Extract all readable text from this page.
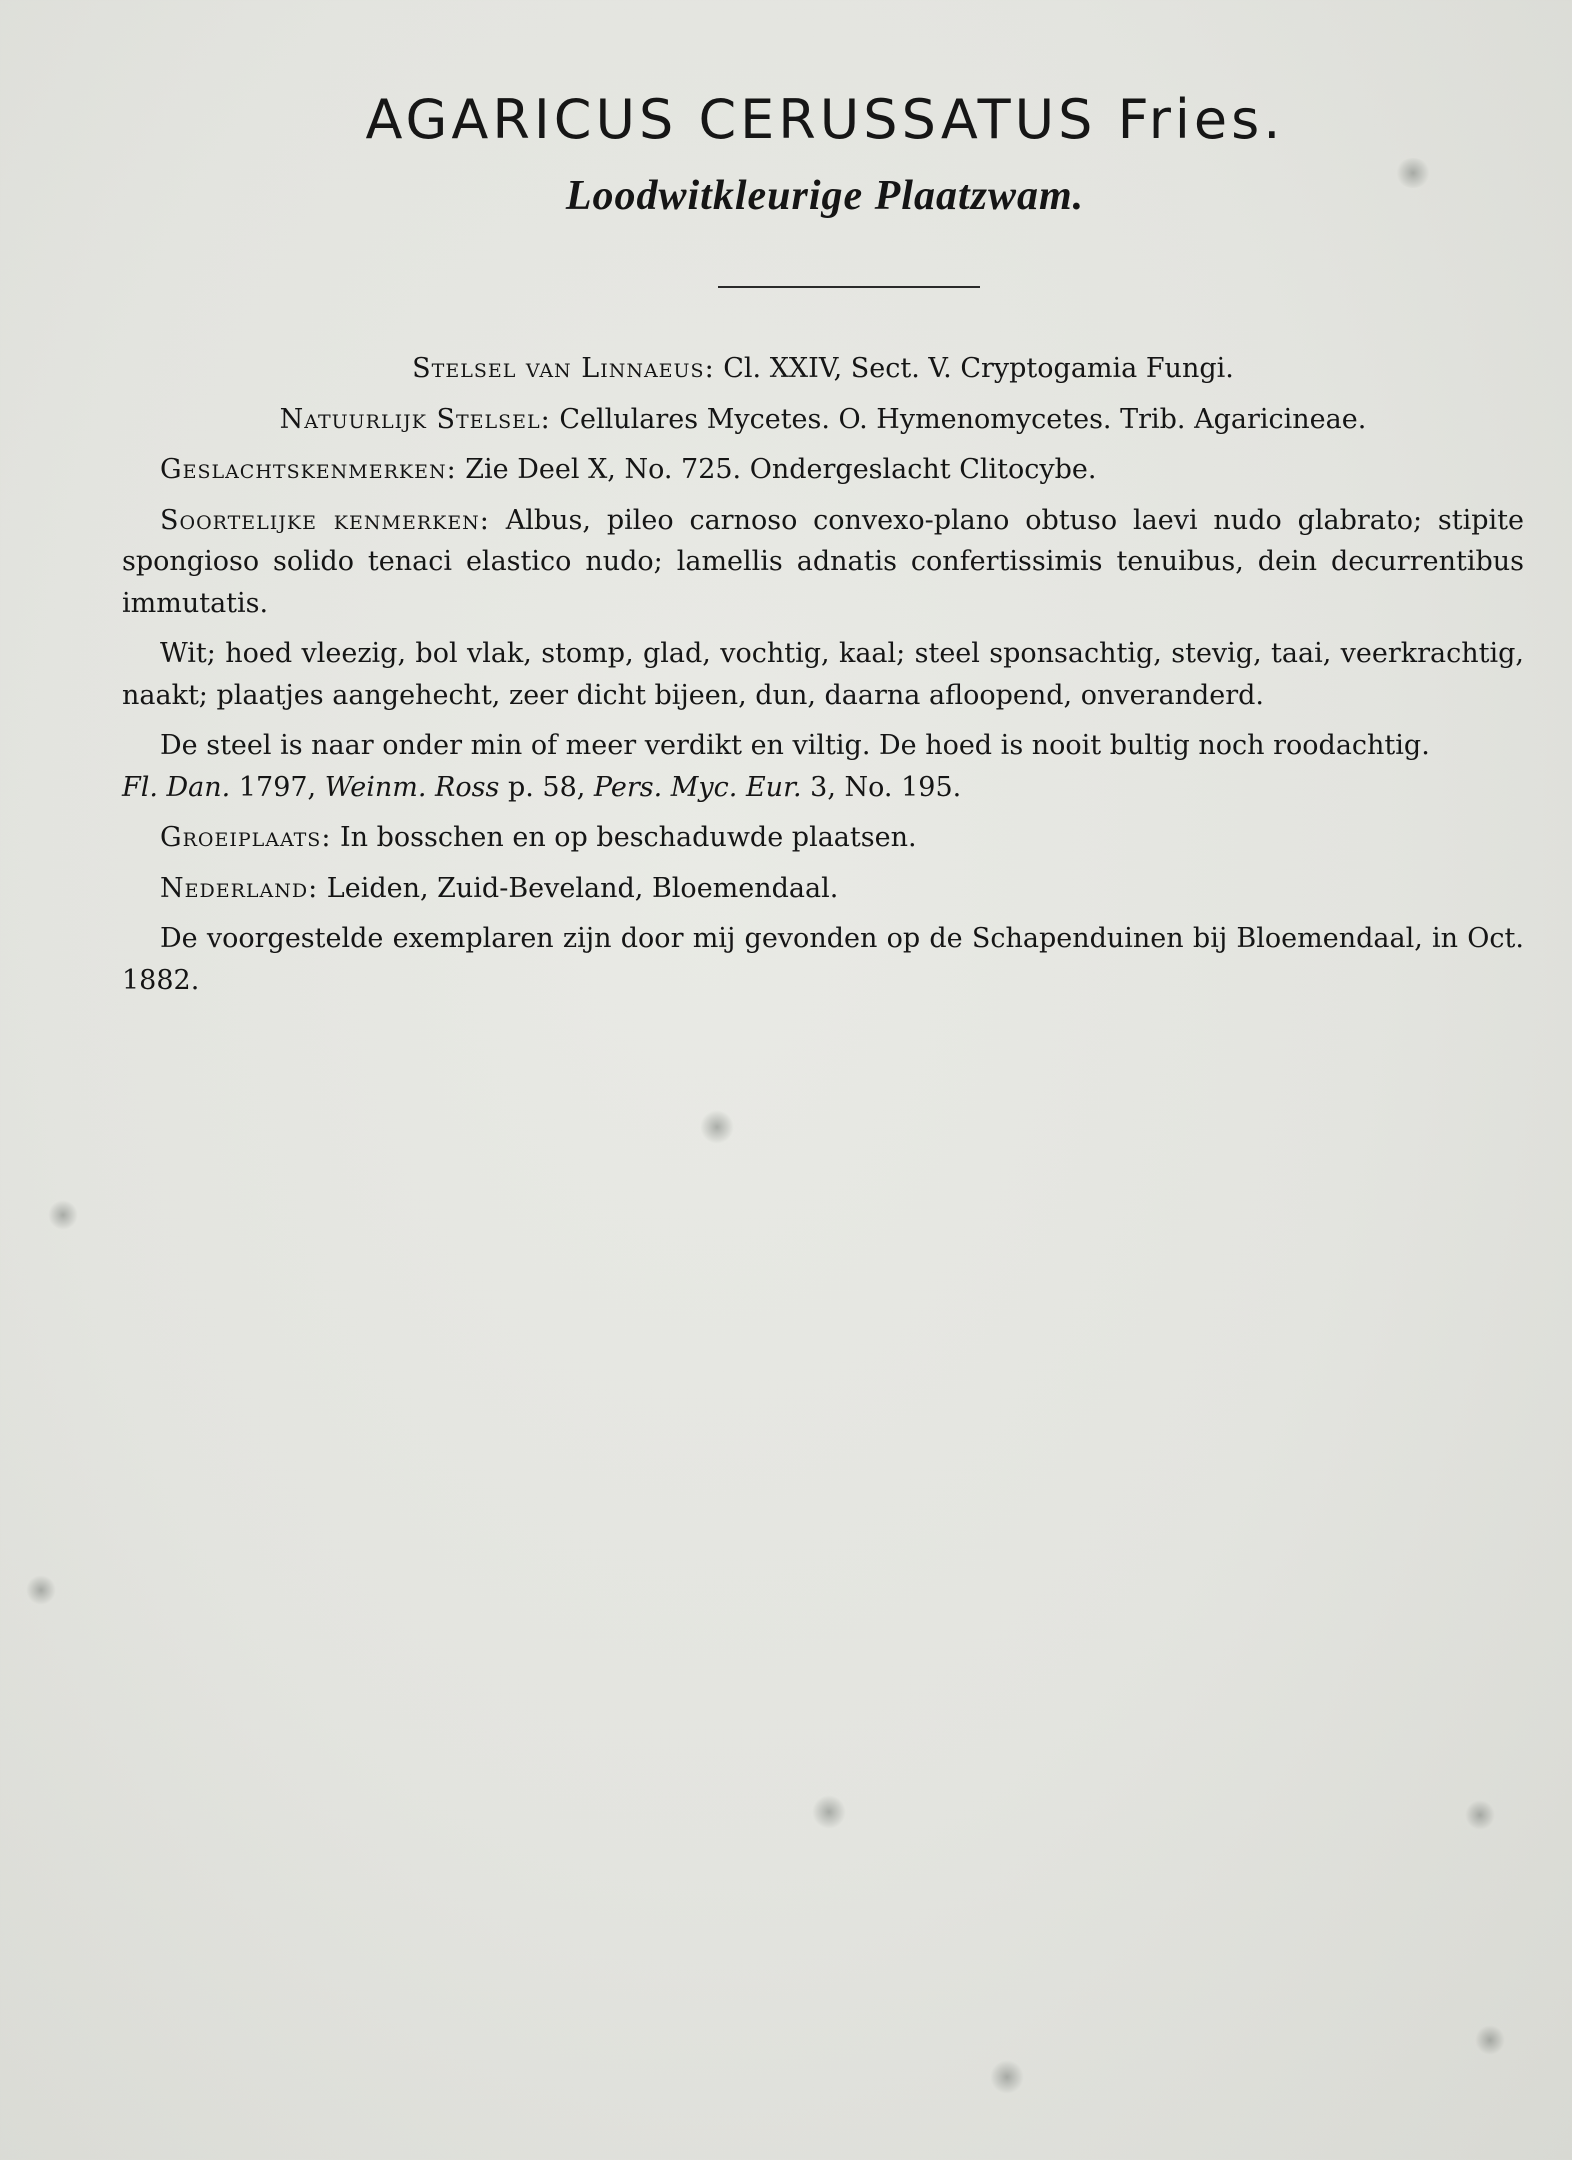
AGARICUS CERUSSATUS Fries.
Loodwitkleurige Plaatzwam.

Stelsel van Linnaeus: Cl. XXIV, Sect. V. Cryptogamia Fungi.

Natuurlijk Stelsel: Cellulares Mycetes. O. Hymenomycetes. Trib. Agaricineae.

Geslachtskenmerken: Zie Deel X, No. 725. Ondergeslacht Clitocybe.

Soortelijke kenmerken: Albus, pileo carnoso convexo-plano obtuso laevi nudo glabrato; stipite spongioso solido tenaci elastico nudo; lamellis adnatis confertissimis tenuibus, dein decurrentibus immutatis.

Wit; hoed vleezig, bol vlak, stomp, glad, vochtig, kaal; steel sponsachtig, stevig, taai, veerkrachtig, naakt; plaatjes aangehecht, zeer dicht bijeen, dun, daarna afloopend, onveranderd.

De steel is naar onder min of meer verdikt en viltig. De hoed is nooit bultig noch roodachtig.
Fl. Dan. 1797, Weinm. Ross p. 58, Pers. Myc. Eur. 3, No. 195.

Groeiplaats: In bosschen en op beschaduwde plaatsen.

Nederland: Leiden, Zuid-Beveland, Bloemendaal.

De voorgestelde exemplaren zijn door mij gevonden op de Schapenduinen bij Bloemendaal, in Oct. 1882.
